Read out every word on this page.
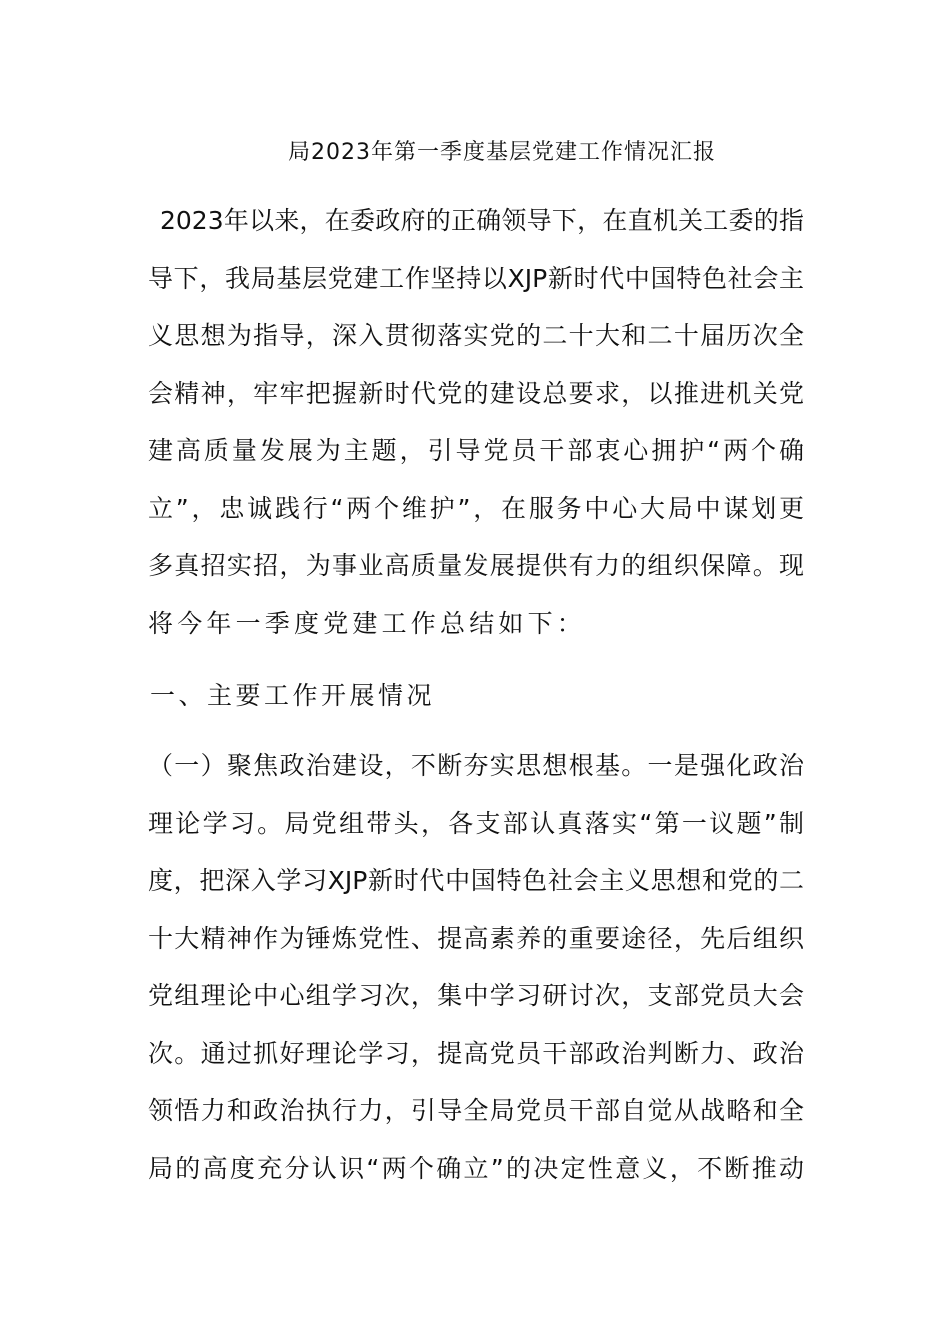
局2023年第一季度基层党建工作情况汇报
2023年以来，在委政府的正确领导下，在直机关工委的指
导下，我局基层党建工作坚持以XJP新时代中国特色社会主
义思想为指导，深入贯彻落实党的二十大和二十届历次全
会精神，牢牢把握新时代党的建设总要求，以推进机关党
建高质量发展为主题，引导党员干部衷心拥护“两个确
立”，忠诚践行“两个维护”，在服务中心大局中谋划更
多真招实招，为事业高质量发展提供有力的组织保障。现
将今年一季度党建工作总结如下：
一、主要工作开展情况
（一）聚焦政治建设，不断夯实思想根基。一是强化政治
理论学习。局党组带头，各支部认真落实“第一议题”制
度，把深入学习XJP新时代中国特色社会主义思想和党的二
十大精神作为锤炼党性、提高素养的重要途径，先后组织
党组理论中心组学习次，集中学习研讨次，支部党员大会
次。通过抓好理论学习，提高党员干部政治判断力、政治
领悟力和政治执行力，引导全局党员干部自觉从战略和全
局的高度充分认识“两个确立”的决定性意义，不断推动
